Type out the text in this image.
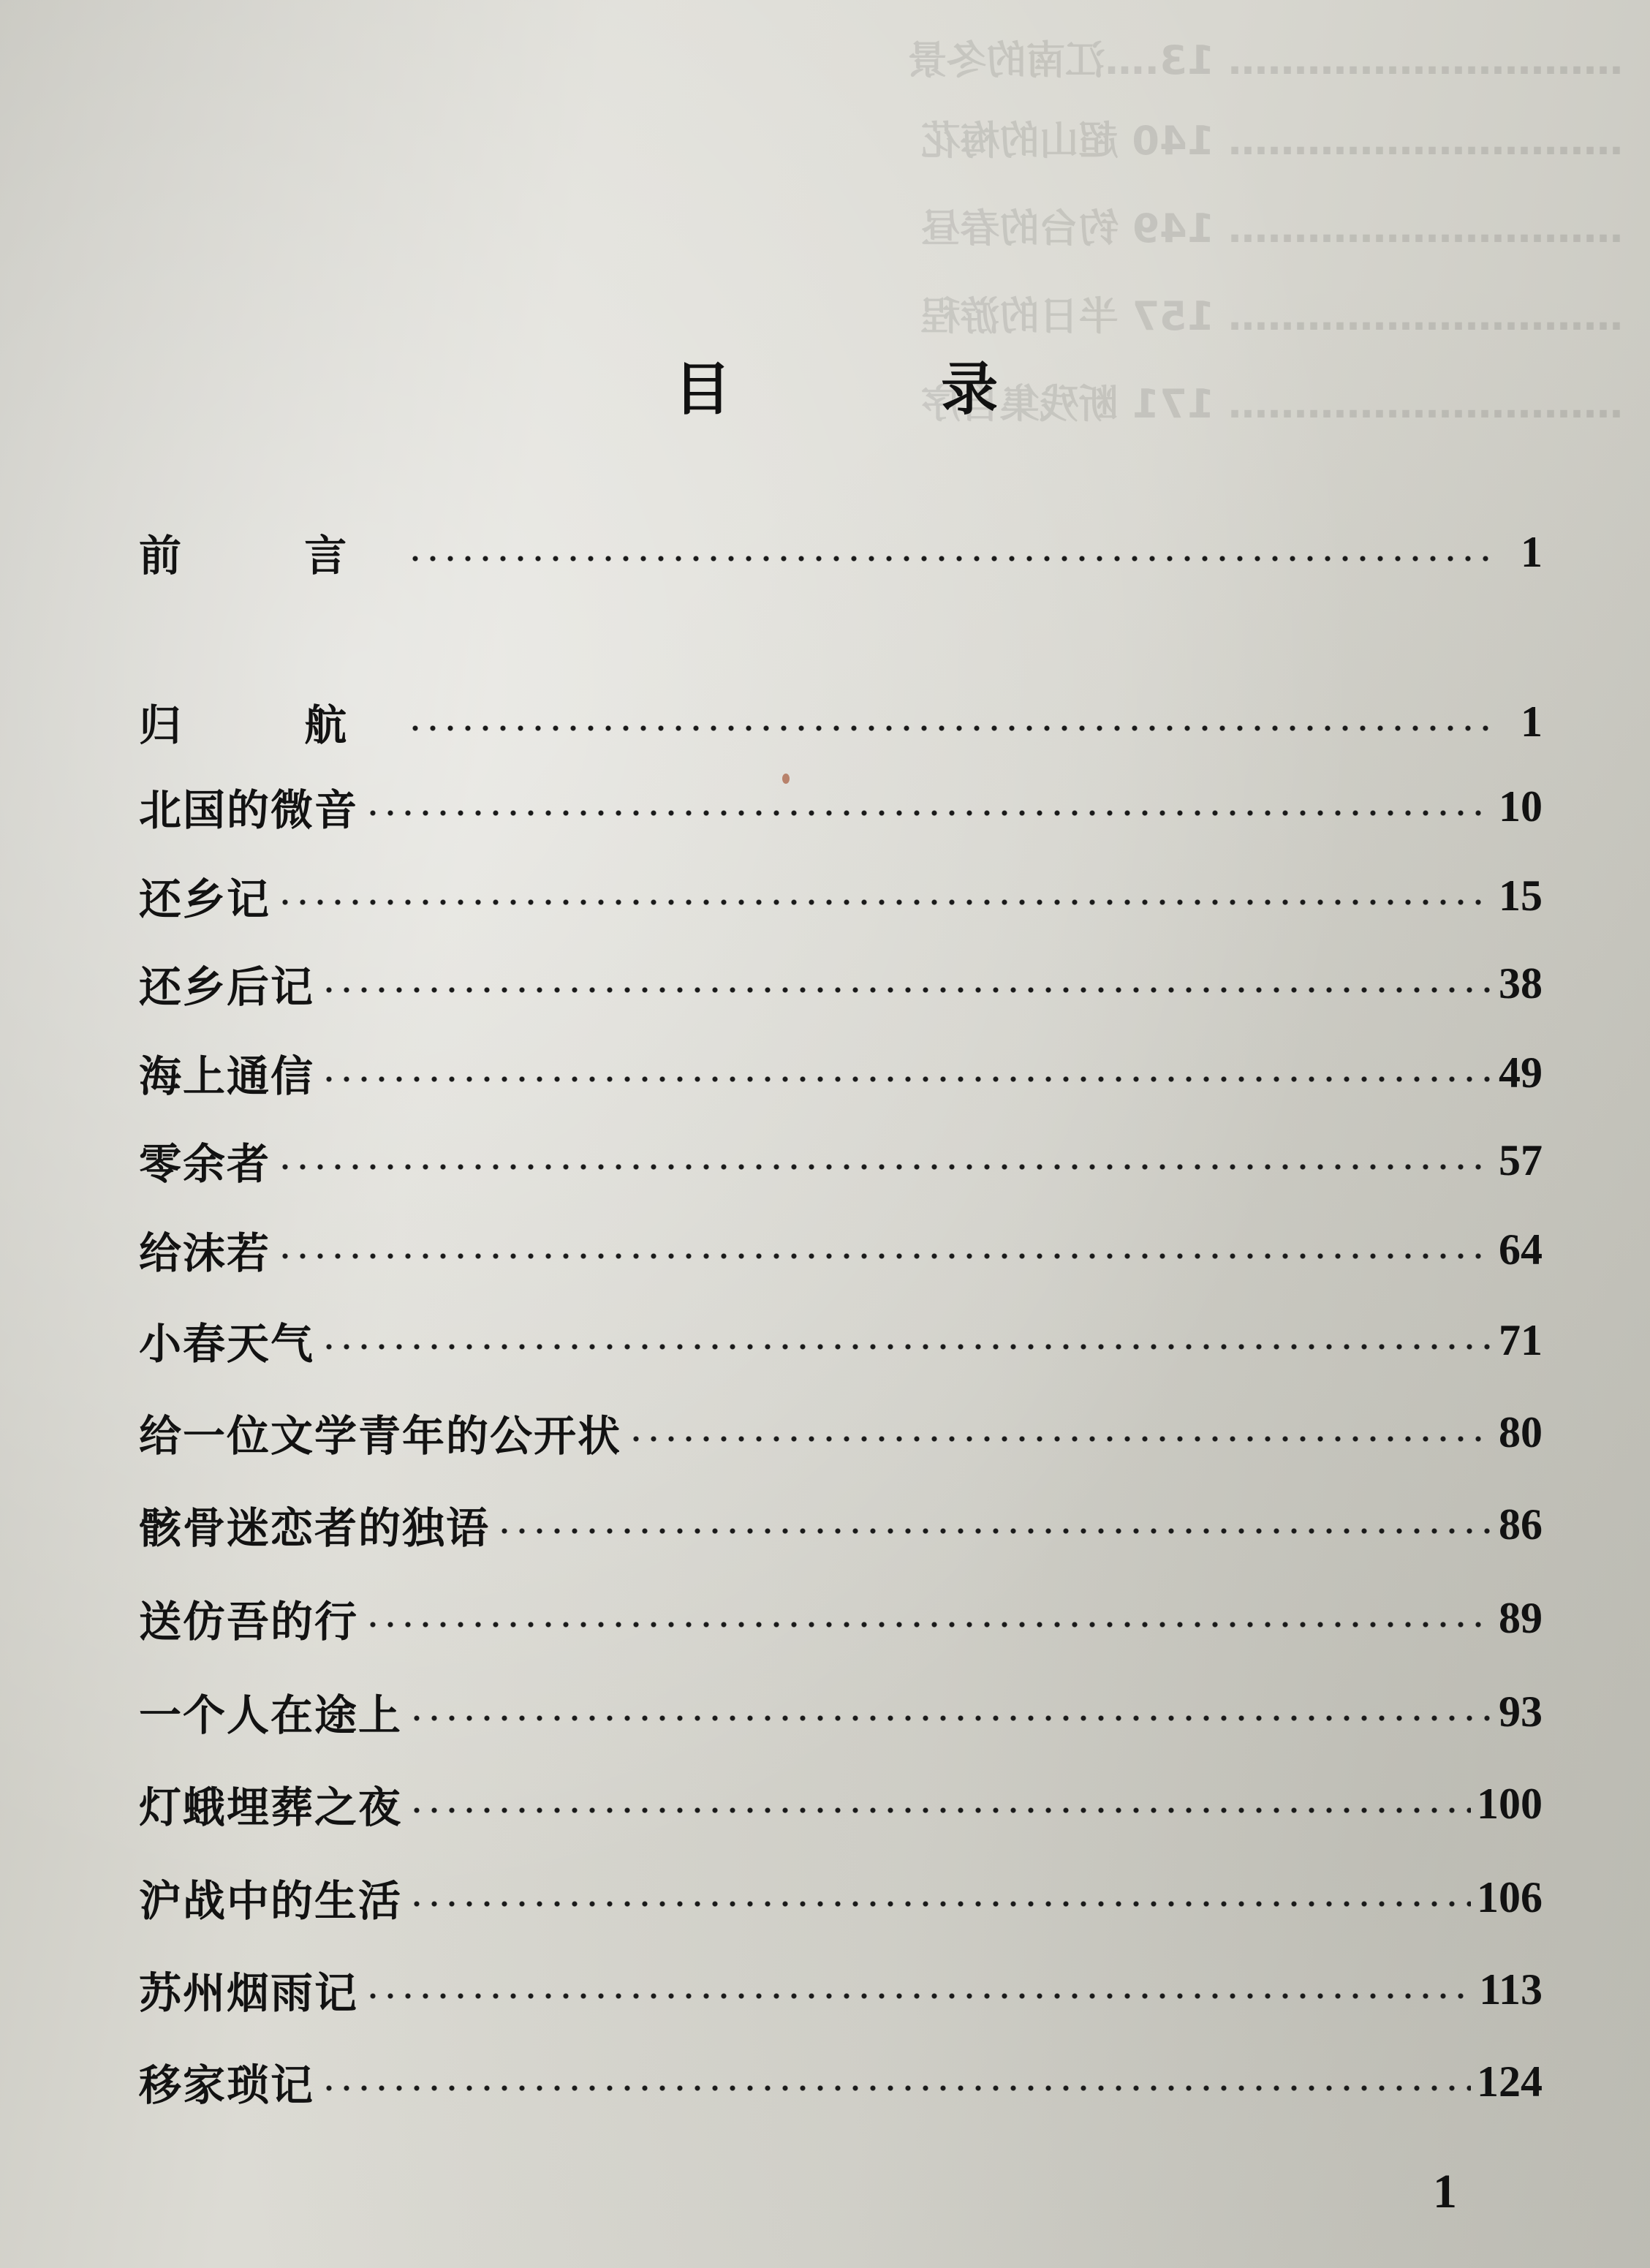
………………………… 13.…江南的冬景
………………………… 140 超山的梅花
………………………… 149 钓台的春昼
………………………… 157 半日的游程
………………………… 171 断残集自序
目 录
前 言	1
归 航	1
北国的微音	10
还乡记	15
还乡后记	38
海上通信	49
零余者	57
给沫若	64
小春天气	71
给一位文学青年的公开状	80
骸骨迷恋者的独语	86
送仿吾的行	89
一个人在途上	93
灯蛾埋葬之夜	100
沪战中的生活	106
苏州烟雨记	113
移家琐记	124
1
